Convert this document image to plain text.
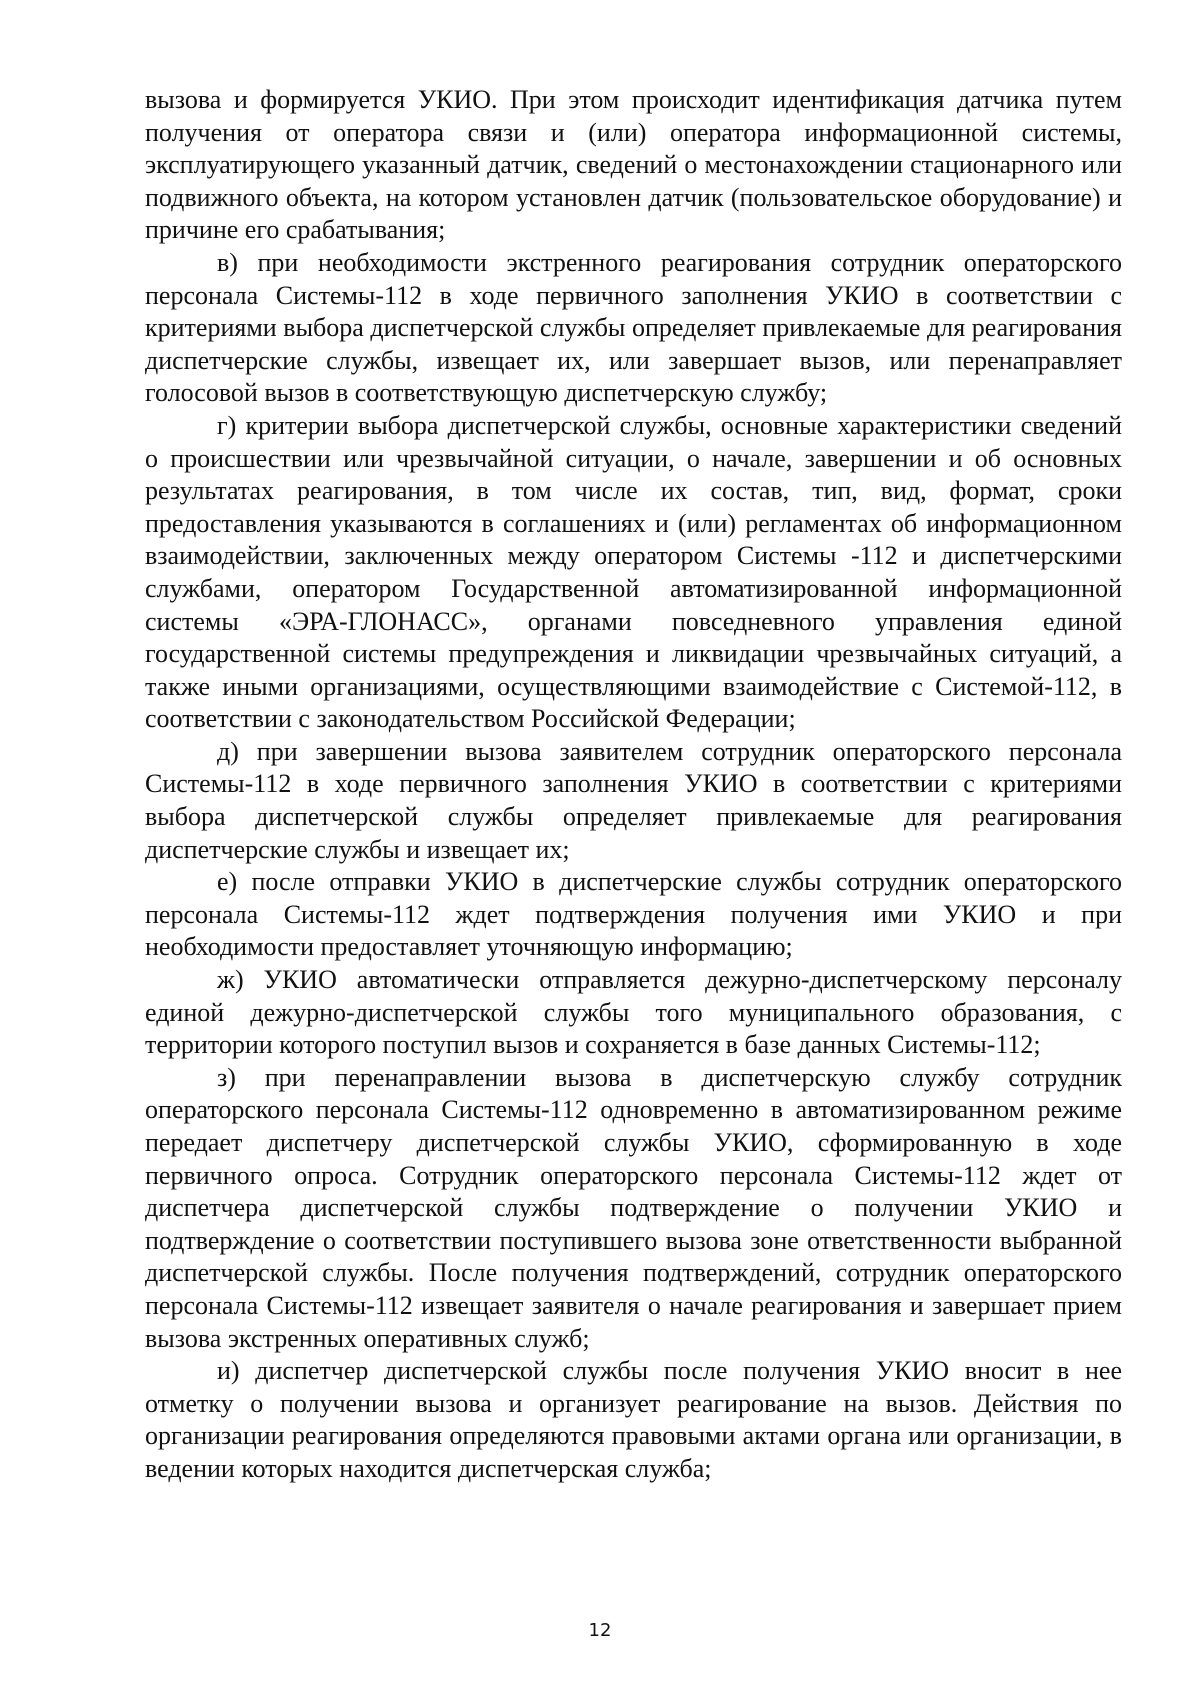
вызова и формируется УКИО. При этом происходит идентификация датчика путем получения от оператора связи и (или) оператора информационной системы, эксплуатирующего указанный датчик, сведений о местонахождении стационарного или подвижного объекта, на котором установлен датчик (пользовательское оборудование) и причине его срабатывания;

в) при необходимости экстренного реагирования сотрудник операторского персонала Системы-112 в ходе первичного заполнения УКИО в соответствии с критериями выбора диспетчерской службы определяет привлекаемые для реагирования диспетчерские службы, извещает их, или завершает вызов, или перенаправляет голосовой вызов в соответствующую диспетчерскую службу;

г) критерии выбора диспетчерской службы, основные характеристики сведений о происшествии или чрезвычайной ситуации, о начале, завершении и об основных результатах реагирования, в том числе их состав, тип, вид, формат, сроки предоставления указываются в соглашениях и (или) регламентах об информационном взаимодействии, заключенных между оператором Системы -112 и диспетчерскими службами, оператором Государственной автоматизированной информационной системы «ЭРА-ГЛОНАСС», органами повседневного управления единой государственной системы предупреждения и ликвидации чрезвычайных ситуаций, а также иными организациями, осуществляющими взаимодействие с Системой-112, в соответствии с законодательством Российской Федерации;

д) при завершении вызова заявителем сотрудник операторского персонала Системы-112 в ходе первичного заполнения УКИО в соответствии с критериями выбора диспетчерской службы определяет привлекаемые для реагирования диспетчерские службы и извещает их;

е) после отправки УКИО в диспетчерские службы сотрудник операторского персонала Системы-112 ждет подтверждения получения ими УКИО и при необходимости предоставляет уточняющую информацию;

ж) УКИО автоматически отправляется дежурно-диспетчерскому персоналу единой дежурно-диспетчерской службы того муниципального образования, с территории которого поступил вызов и сохраняется в базе данных Системы-112;

з) при перенаправлении вызова в диспетчерскую службу сотрудник операторского персонала Системы-112 одновременно в автоматизированном режиме передает диспетчеру диспетчерской службы УКИО, сформированную в ходе первичного опроса. Сотрудник операторского персонала Системы-112 ждет от диспетчера диспетчерской службы подтверждение о получении УКИО и подтверждение о соответствии поступившего вызова зоне ответственности выбранной диспетчерской службы. После получения подтверждений, сотрудник операторского персонала Системы-112 извещает заявителя о начале реагирования и завершает прием вызова экстренных оперативных служб;

и) диспетчер диспетчерской службы после получения УКИО вносит в нее отметку о получении вызова и организует реагирование на вызов. Действия по организации реагирования определяются правовыми актами органа или организации, в ведении которых находится диспетчерская служба;

12
